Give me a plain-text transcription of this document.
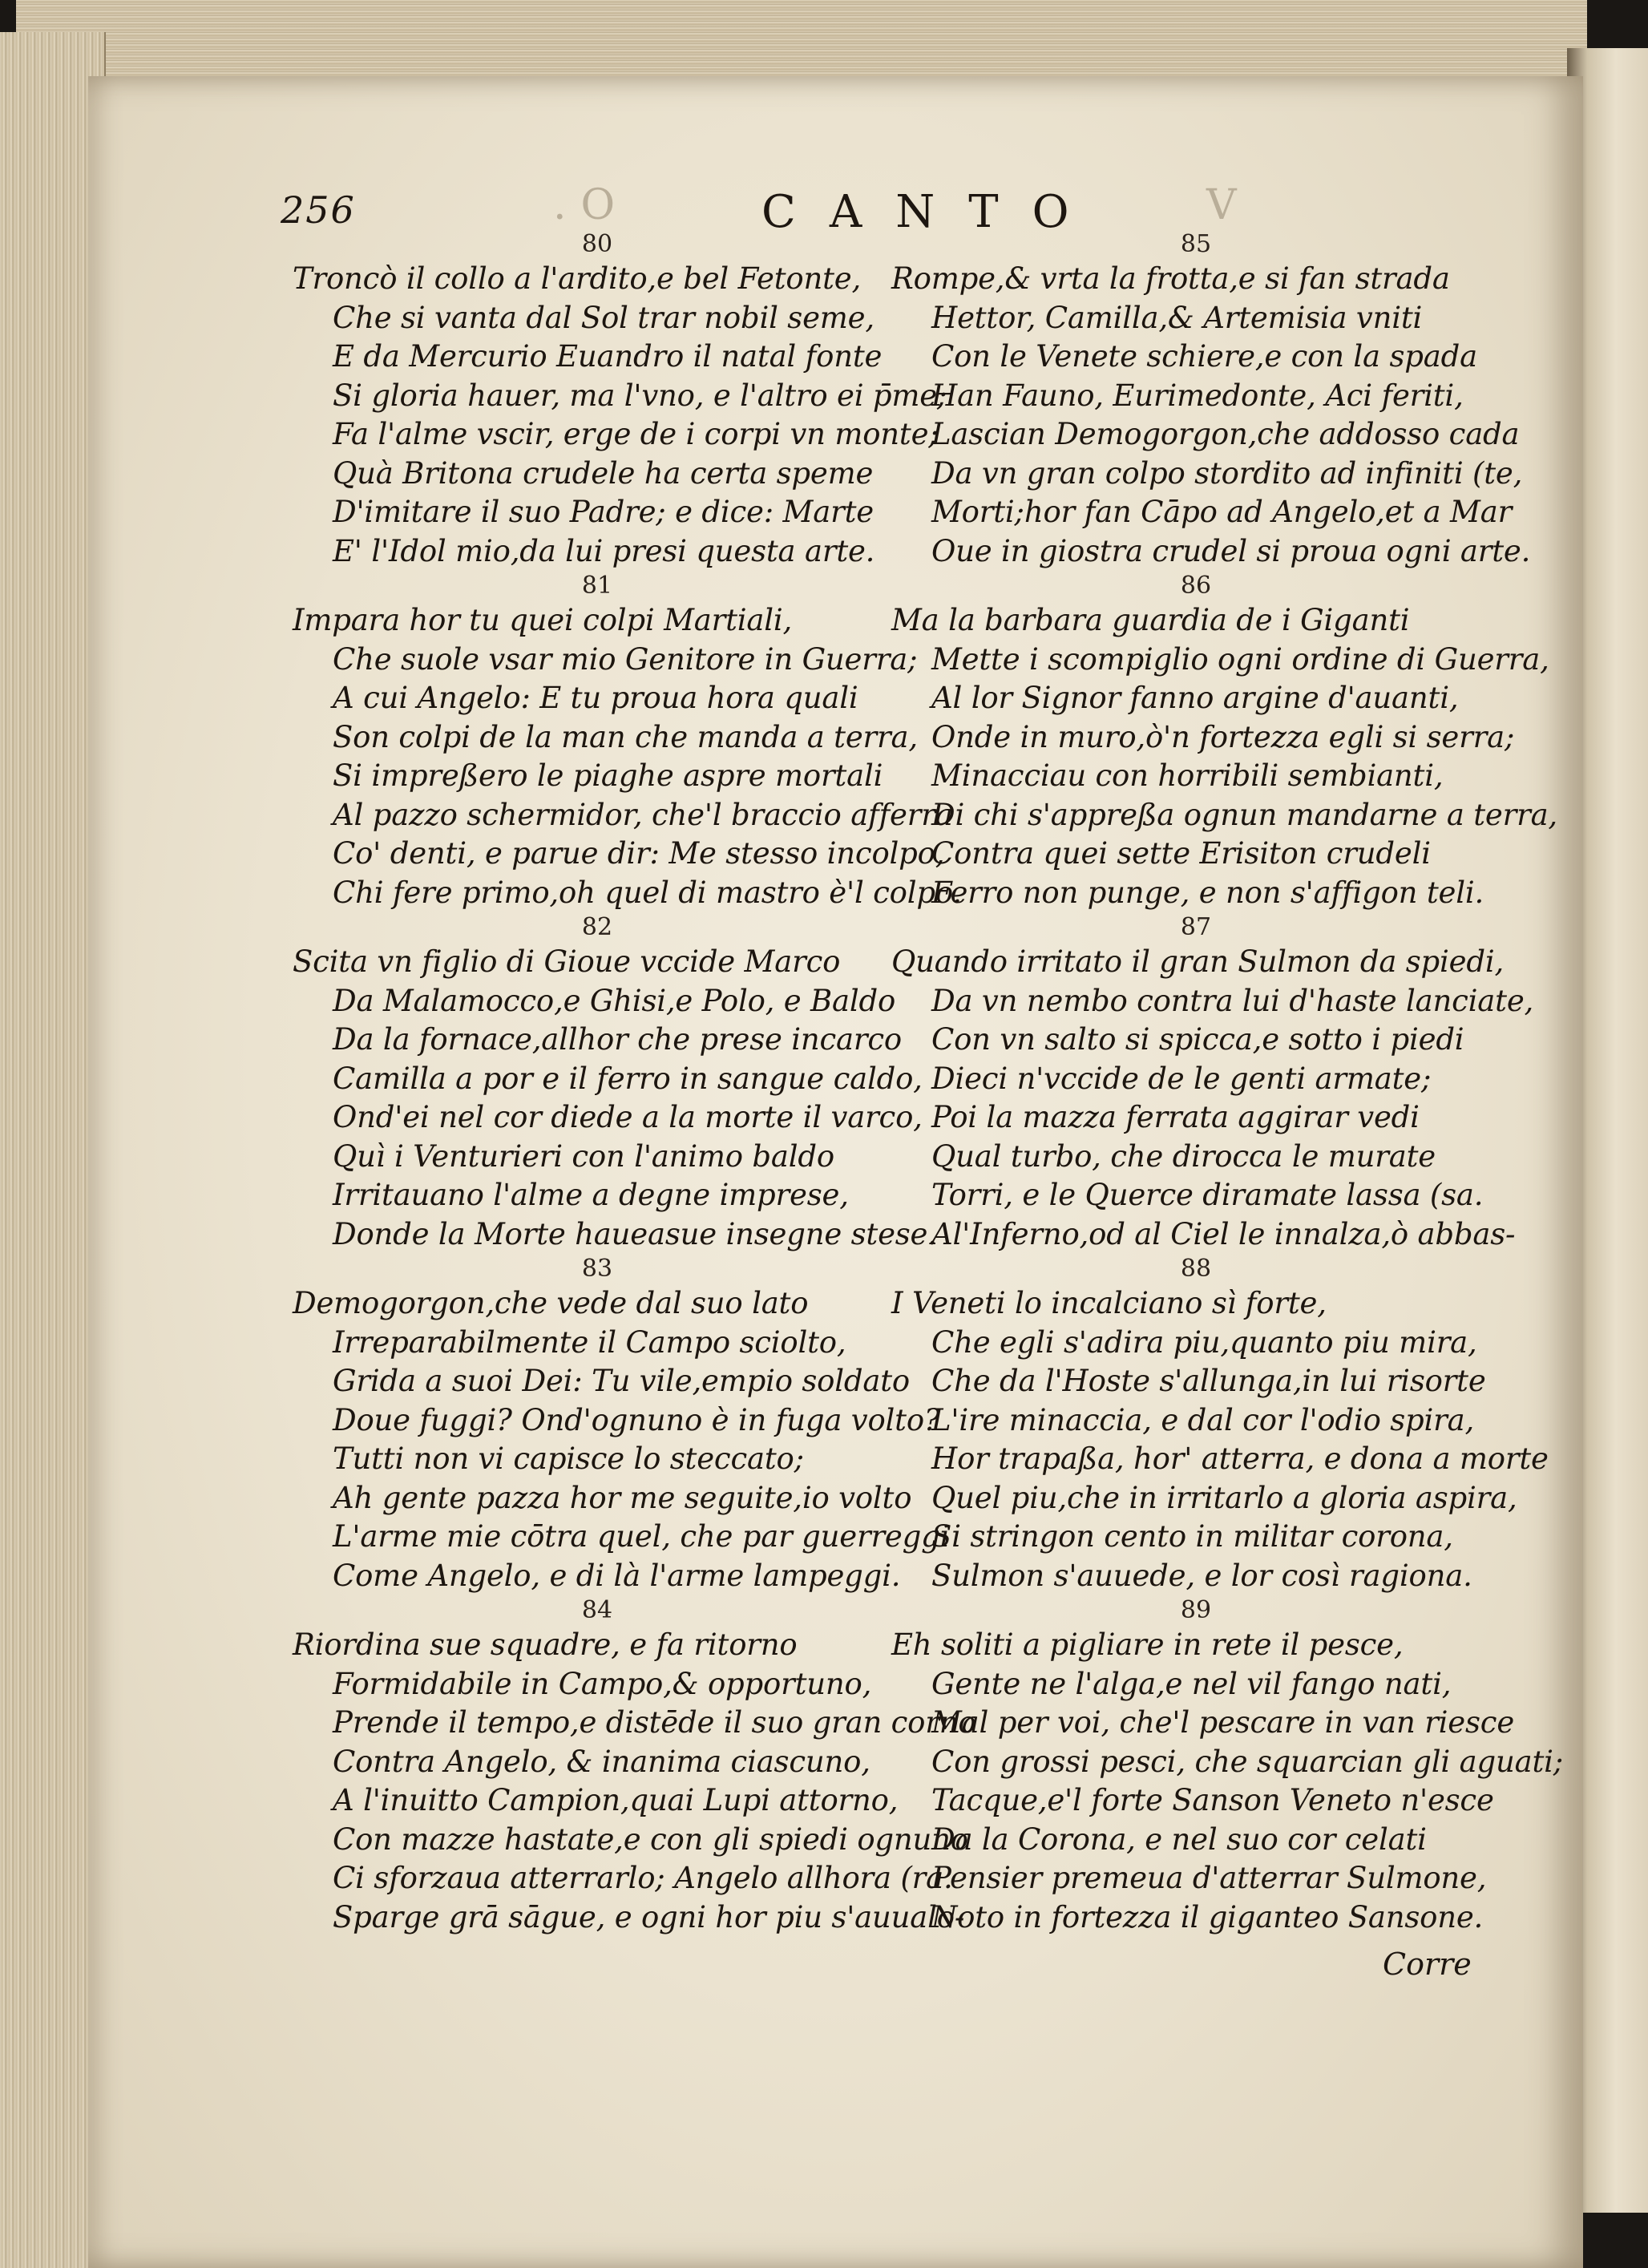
.O	V
256	CANTO
80
Troncò il collo a l'ardito,e bel Fetonte,
Che si vanta dal Sol trar nobil seme,
E da Mercurio Euandro il natal fonte
Si gloria hauer, ma l'vno, e l'altro ei p̄me;
Fa l'alme vscir, erge de i corpi vn monte;
Quà Britona crudele ha certa speme
D'imitare il suo Padre; e dice: Marte
E' l'Idol mio,da lui presi questa arte.
81
Impara hor tu quei colpi Martiali,
Che suole vsar mio Genitore in Guerra;
A cui Angelo: E tu proua hora quali
Son colpi de la man che manda a terra,
Si impreßero le piaghe aspre mortali
Al pazzo schermidor, che'l braccio afferra
Co' denti, e parue dir: Me stesso incolpo,
Chi fere primo,oh quel di mastro è'l colpo.
82
Scita vn figlio di Gioue vccide Marco
Da Malamocco,e Ghisi,e Polo, e Baldo
Da la fornace,allhor che prese incarco
Camilla a por e il ferro in sangue caldo,
Ond'ei nel cor diede a la morte il varco,
Quì i Venturieri con l'animo baldo
Irritauano l'alme a degne imprese,
Donde la Morte haueasue insegne stese.
83
Demogorgon,che vede dal suo lato
Irreparabilmente il Campo sciolto,
Grida a suoi Dei: Tu vile,empio soldato
Doue fuggi? Ond'ognuno è in fuga volto?
Tutti non vi capisce lo steccato;
Ah gente pazza hor me seguite,io volto
L'arme mie cōtra quel, che par guerreggi
Come Angelo, e di là l'arme lampeggi.
84
Riordina sue squadre, e fa ritorno
Formidabile in Campo,& opportuno,
Prende il tempo,e distēde il suo gran corno
Contra Angelo, & inanima ciascuno,
A l'inuitto Campion,quai Lupi attorno,
Con mazze hastate,e con gli spiedi ognuno
Ci sforzaua atterrarlo; Angelo allhora (ra.
Sparge grā sāgue, e ogni hor piu s'auualo-
85
Rompe,& vrta la frotta,e si fan strada
Hettor, Camilla,& Artemisia vniti
Con le Venete schiere,e con la spada
Han Fauno, Eurimedonte, Aci feriti,
Lascian Demogorgon,che addosso cada
Da vn gran colpo stordito ad infiniti (te,
Morti;hor fan Cāpo ad Angelo,et a Mar
Oue in giostra crudel si proua ogni arte.
86
Ma la barbara guardia de i Giganti
Mette i scompiglio ogni ordine di Guerra,
Al lor Signor fanno argine d'auanti,
Onde in muro,ò'n fortezza egli si serra;
Minacciau con horribili sembianti,
Di chi s'appreßa ognun mandarne a terra,
Contra quei sette Erisiton crudeli
Ferro non punge, e non s'affigon teli.
87
Quando irritato il gran Sulmon da spiedi,
Da vn nembo contra lui d'haste lanciate,
Con vn salto si spicca,e sotto i piedi
Dieci n'vccide de le genti armate;
Poi la mazza ferrata aggirar vedi
Qual turbo, che dirocca le murate
Torri, e le Querce diramate lassa (sa.
Al'Inferno,od al Ciel le innalza,ò abbas-
88
I Veneti lo incalciano sì forte,
Che egli s'adira piu,quanto piu mira,
Che da l'Hoste s'allunga,in lui risorte
L'ire minaccia, e dal cor l'odio spira,
Hor trapaßa, hor' atterra, e dona a morte
Quel piu,che in irritarlo a gloria aspira,
Si stringon cento in militar corona,
Sulmon s'auuede, e lor così ragiona.
89
Eh soliti a pigliare in rete il pesce,
Gente ne l'alga,e nel vil fango nati,
Mal per voi, che'l pescare in van riesce
Con grossi pesci, che squarcian gli aguati;
Tacque,e'l forte Sanson Veneto n'esce
Da la Corona, e nel suo cor celati
Pensier premeua d'atterrar Sulmone,
Noto in fortezza il giganteo Sansone.
Corre
